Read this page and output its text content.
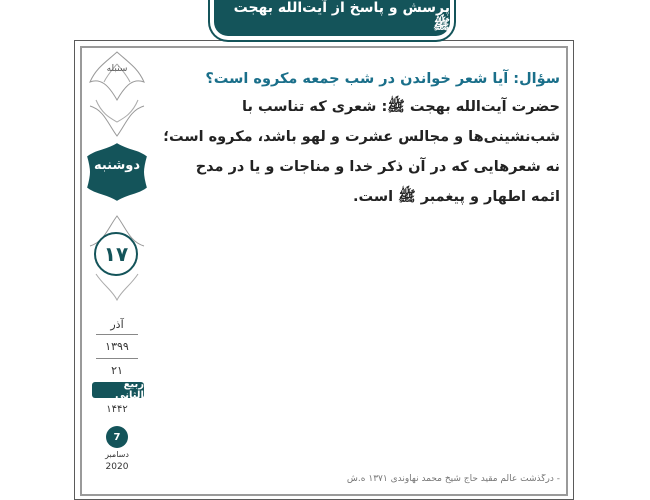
پرسش و پاسخ از آیت‌الله بهجت ﷺ
سنبله
دوشنبه
۱۷
آذر
۱۳۹۹
۲۱
ربیع الثانی
۱۴۴۲
7
دسامبر
2020

سؤال: آیا شعر خواندن در شب جمعه مکروه است؟

حضرت آیت‌الله بهجت ﷺ: شعری که تناسب با شب‌نشینی‌ها و مجالس عشرت و لهو باشد، مکروه است؛ نه شعرهایی که در آن ذکر خدا و مناجات و یا در مدح ائمه اطهار و پیغمبر ﷺ است.

- درگذشت عالم مقید حاج شیخ محمد نهاوندی ۱۳۷۱ ه.ش
